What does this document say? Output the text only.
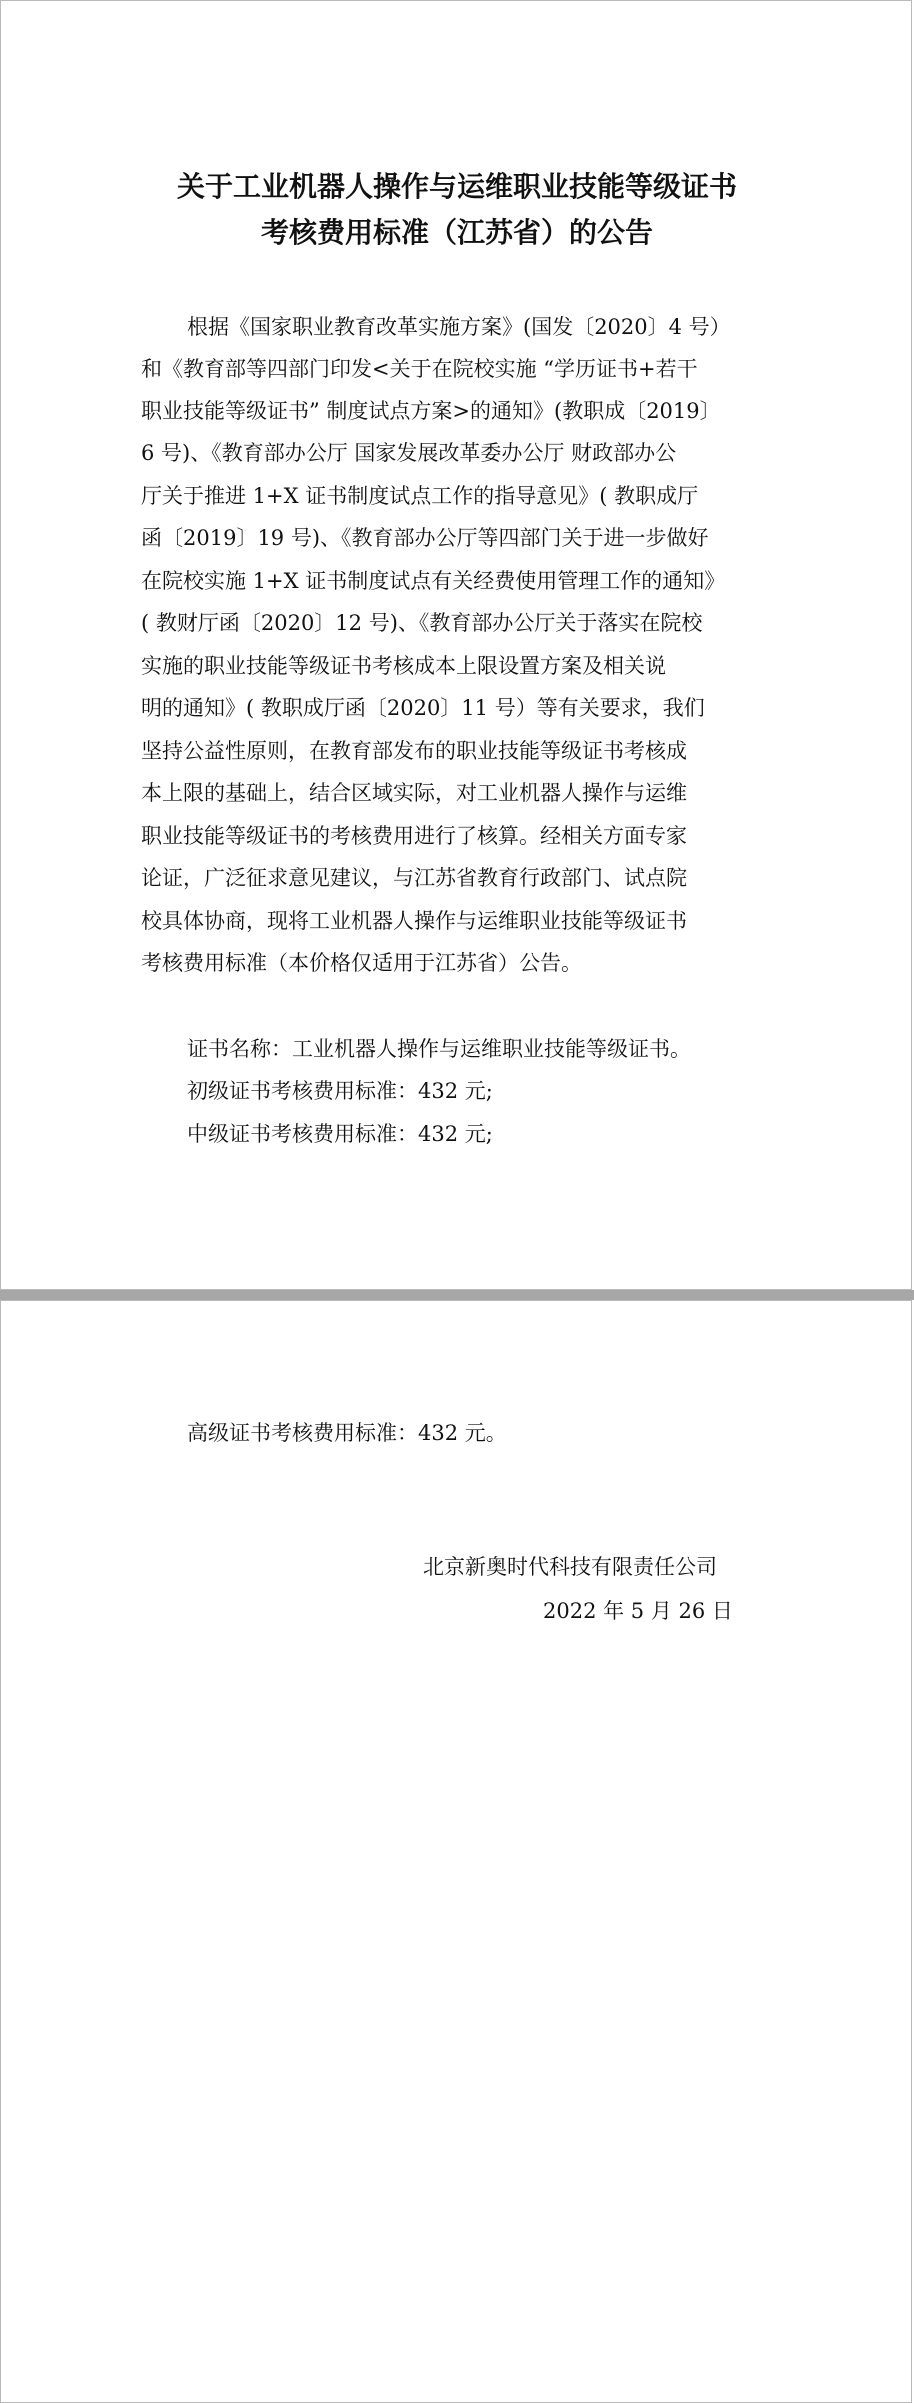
关于工业机器人操作与运维职业技能等级证书
考核费用标准（江苏省）的公告
根据《国家职业教育改革实施方案》(国发〔2020〕4 号）
和《教育部等四部门印发<关于在院校实施 “学历证书+若干
职业技能等级证书” 制度试点方案>的通知》(教职成〔2019〕
6 号)、《教育部办公厅 国家发展改革委办公厅 财政部办公
厅关于推进 1+X 证书制度试点工作的指导意见》( 教职成厅
函〔2019〕19 号)、《教育部办公厅等四部门关于进一步做好
在院校实施 1+X 证书制度试点有关经费使用管理工作的通知》
( 教财厅函〔2020〕12 号)、《教育部办公厅关于落实在院校
实施的职业技能等级证书考核成本上限设置方案及相关说
明的通知》( 教职成厅函〔2020〕11 号）等有关要求，我们
坚持公益性原则，在教育部发布的职业技能等级证书考核成
本上限的基础上，结合区域实际，对工业机器人操作与运维
职业技能等级证书的考核费用进行了核算。经相关方面专家
论证，广泛征求意见建议，与江苏省教育行政部门、试点院
校具体协商，现将工业机器人操作与运维职业技能等级证书
考核费用标准（本价格仅适用于江苏省）公告。
证书名称：工业机器人操作与运维职业技能等级证书。
初级证书考核费用标准：432 元;
中级证书考核费用标准：432 元;
高级证书考核费用标准：432 元。
北京新奥时代科技有限责任公司
2022 年 5 月 26 日
